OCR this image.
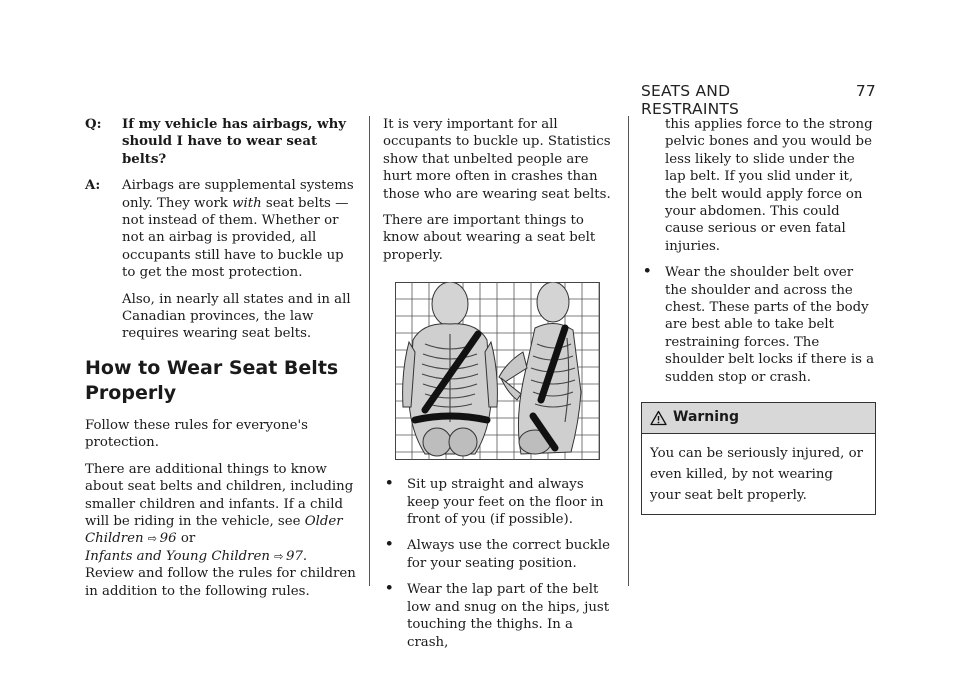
SEATS AND RESTRAINTS
77
Q: If my vehicle has airbags, why should I have to wear seat belts?
A: Airbags are supplemental systems only. They work with seat belts — not instead of them. Whether or not an airbag is provided, all occupants still have to buckle up to get the most protection.

Also, in nearly all states and in all Canadian provinces, the law requires wearing seat belts.

How to Wear Seat Belts Properly

Follow these rules for everyone's protection.

There are additional things to know about seat belts and children, including smaller children and infants. If a child will be riding in the vehicle, see Older Children ⇨  96 or
Infants and Young Children ⇨  97.
Review and follow the rules for children in addition to the following rules.

It is very important for all occupants to buckle up. Statistics show that unbelted people are hurt more often in crashes than those who are wearing seat belts.

There are important things to know about wearing a seat belt properly.

• Sit up straight and always keep your feet on the floor in front of you (if possible).
• Always use the correct buckle for your seating position.
• Wear the lap part of the belt low and snug on the hips, just touching the thighs. In a crash,

this applies force to the strong pelvic bones and you would be less likely to slide under the lap belt. If you slid under it, the belt would apply force on your abdomen. This could cause serious or even fatal injuries.

• Wear the shoulder belt over the shoulder and across the chest. These parts of the body are best able to take belt restraining forces. The shoulder belt locks if there is a sudden stop or crash.
Warning
You can be seriously injured, or even killed, by not wearing your seat belt properly.
